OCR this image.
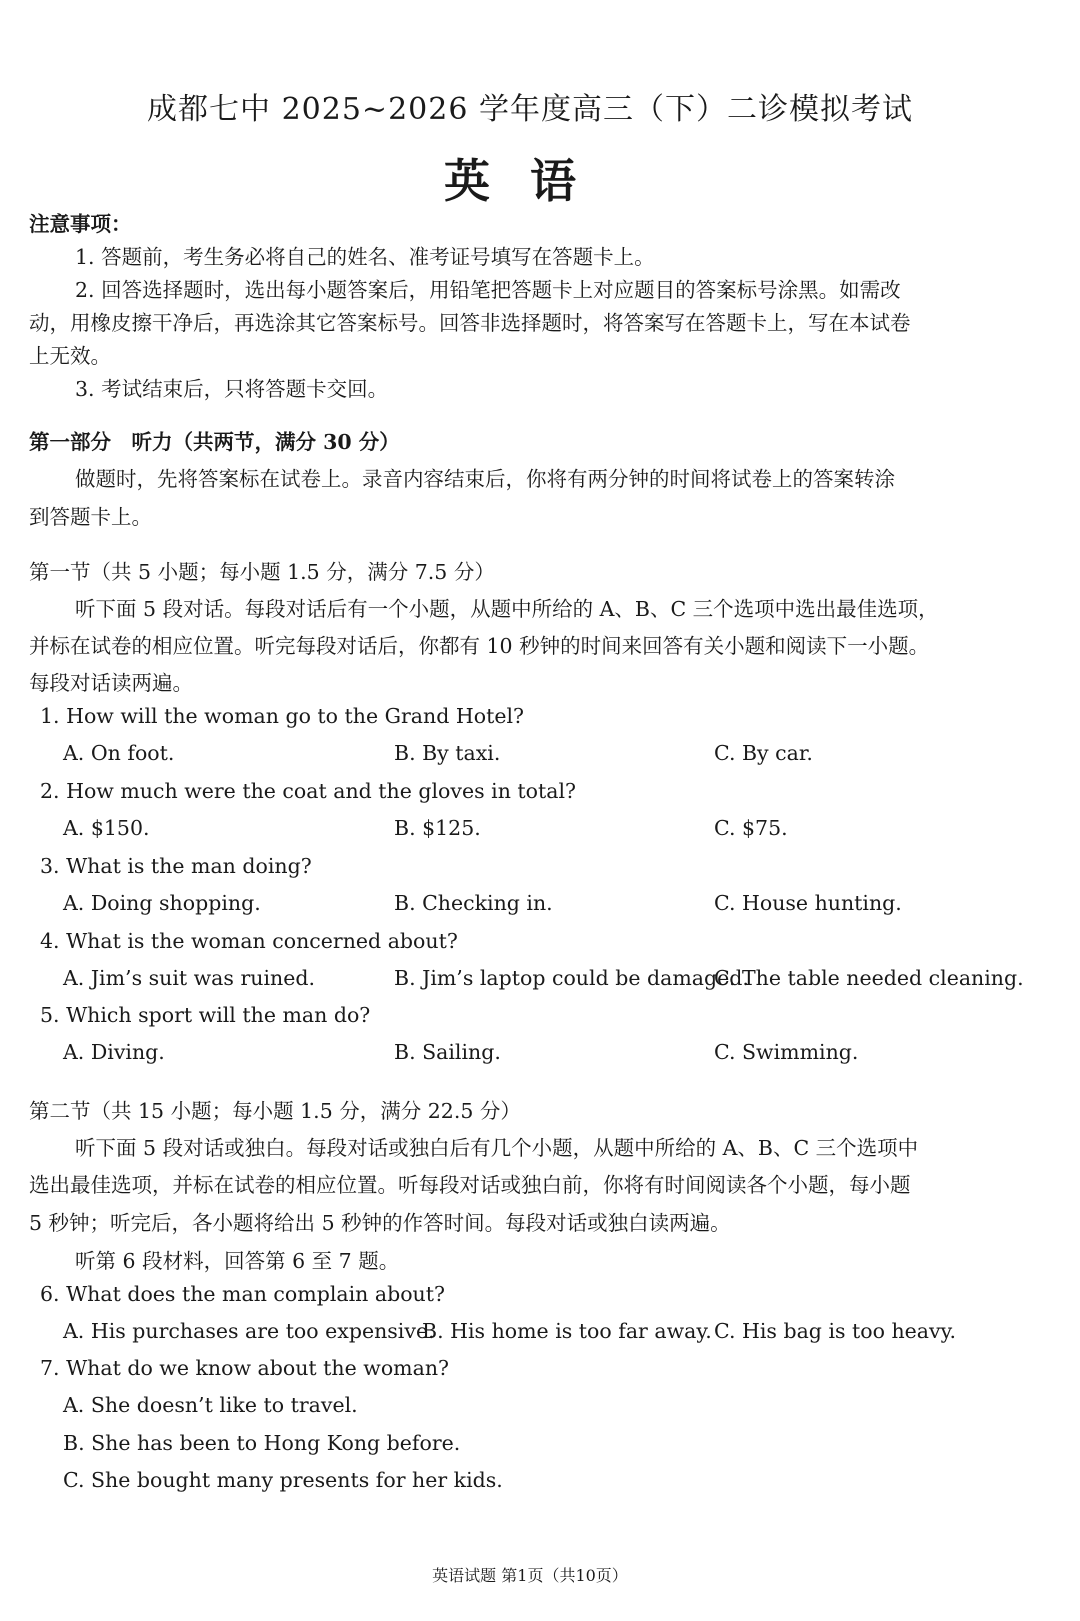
成都七中 2025~2026 学年度高三（下）二诊模拟考试
英语
注意事项：
1. 答题前，考生务必将自己的姓名、准考证号填写在答题卡上。
2. 回答选择题时，选出每小题答案后，用铅笔把答题卡上对应题目的答案标号涂黑。如需改
动，用橡皮擦干净后，再选涂其它答案标号。回答非选择题时，将答案写在答题卡上，写在本试卷
上无效。
3. 考试结束后，只将答题卡交回。
第一部分　听力（共两节，满分 30 分）
做题时，先将答案标在试卷上。录音内容结束后，你将有两分钟的时间将试卷上的答案转涂
到答题卡上。
第一节（共 5 小题；每小题 1.5 分，满分 7.5 分）
听下面 5 段对话。每段对话后有一个小题，从题中所给的 A、B、C 三个选项中选出最佳选项，
并标在试卷的相应位置。听完每段对话后，你都有 10 秒钟的时间来回答有关小题和阅读下一小题。
每段对话读两遍。
1. How will the woman go to the Grand Hotel?
A. On foot.	B. By taxi.	C. By car.
2. How much were the coat and the gloves in total?
A. $150.	B. $125.	C. $75.
3. What is the man doing?
A. Doing shopping.	B. Checking in.	C. House hunting.
4. What is the woman concerned about?
A. Jim’s suit was ruined.	B. Jim’s laptop could be damaged.
C. The table needed cleaning.
5. Which sport will the man do?
A. Diving.	B. Sailing.	C. Swimming.
第二节（共 15 小题；每小题 1.5 分，满分 22.5 分）
听下面 5 段对话或独白。每段对话或独白后有几个小题，从题中所给的 A、B、C 三个选项中
选出最佳选项，并标在试卷的相应位置。听每段对话或独白前，你将有时间阅读各个小题，每小题
5 秒钟；听完后，各小题将给出 5 秒钟的作答时间。每段对话或独白读两遍。
听第 6 段材料，回答第 6 至 7 题。
6. What does the man complain about?
A. His purchases are too expensive.
B. His home is too far away. C. His bag is too heavy.
7. What do we know about the woman?
A. She doesn’t like to travel.
B. She has been to Hong Kong before.
C. She bought many presents for her kids.
英语试题 第1页（共10页）
